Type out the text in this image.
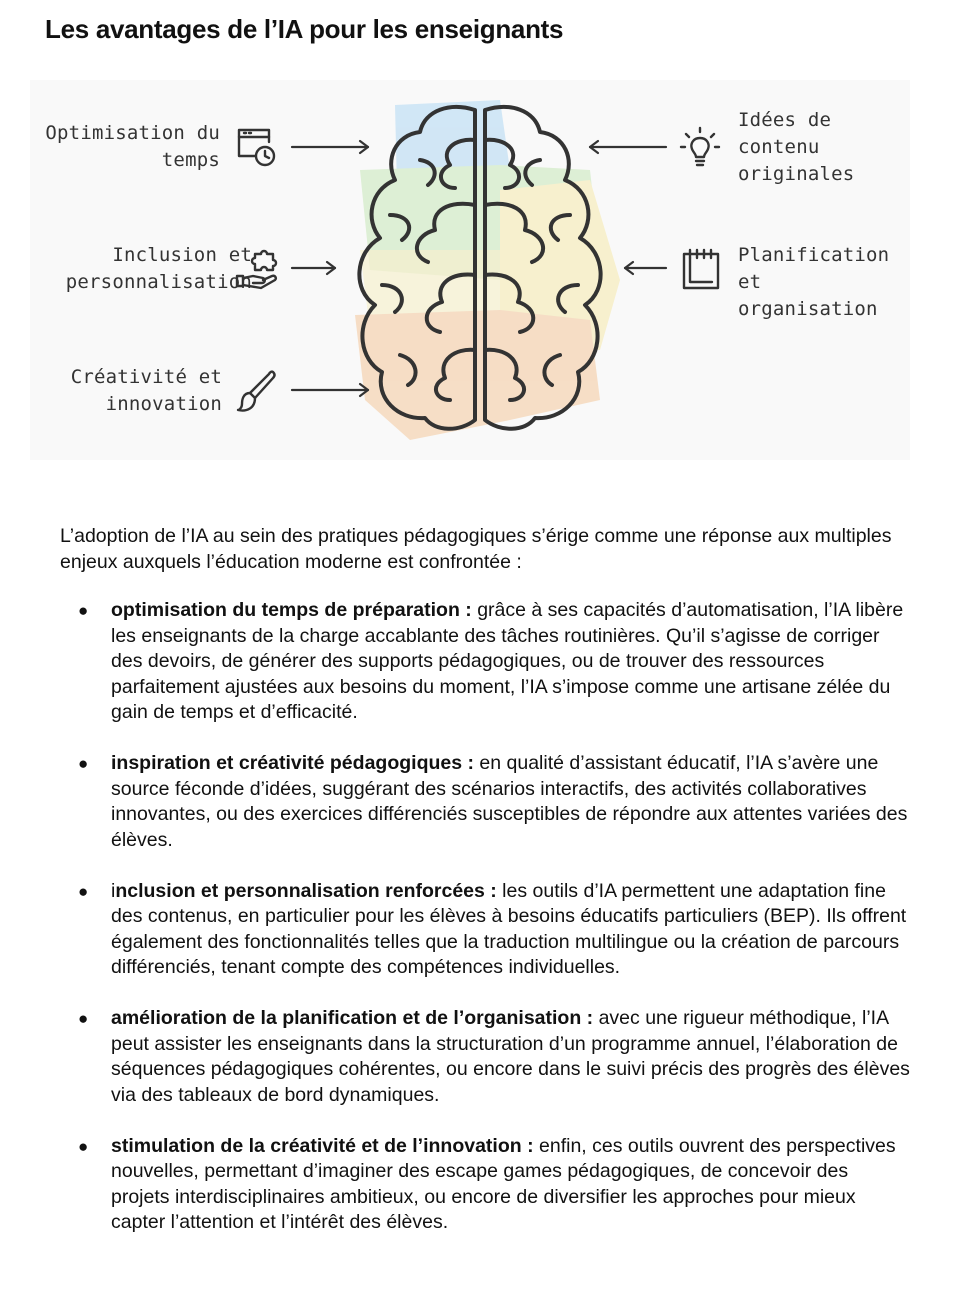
Les avantages de l’IA pour les enseignants
Optimisation du
temps
Inclusion et
personnalisation
Créativité et
innovation
Idées de
contenu
originales
Planification et
organisation

L’adoption de l’IA au sein des pratiques pédagogiques s’érige comme une réponse aux multiples enjeux auxquels l’éducation moderne est confrontée :

● optimisation du temps de préparation : grâce à ses capacités d’automatisation, l’IA libère les enseignants de la charge accablante des tâches routinières. Qu’il s’agisse de corriger des devoirs, de générer des supports pédagogiques, ou de trouver des ressources parfaitement ajustées aux besoins du moment, l’IA s’impose comme une artisane zélée du gain de temps et d’efficacité.
● inspiration et créativité pédagogiques : en qualité d’assistant éducatif, l’IA s’avère une source féconde d’idées, suggérant des scénarios interactifs, des activités collaboratives innovantes, ou des exercices différenciés susceptibles de répondre aux attentes variées des élèves.
● inclusion et personnalisation renforcées : les outils d’IA permettent une adaptation fine des contenus, en particulier pour les élèves à besoins éducatifs particuliers (BEP). Ils offrent également des fonctionnalités telles que la traduction multilingue ou la création de parcours différenciés, tenant compte des compétences individuelles.
● amélioration de la planification et de l’organisation : avec une rigueur méthodique, l’IA peut assister les enseignants dans la structuration d’un programme annuel, l’élaboration de séquences pédagogiques cohérentes, ou encore dans le suivi précis des progrès des élèves via des tableaux de bord dynamiques.
● stimulation de la créativité et de l’innovation : enfin, ces outils ouvrent des perspectives nouvelles, permettant d’imaginer des escape games pédagogiques, de concevoir des projets interdisciplinaires ambitieux, ou encore de diversifier les approches pour mieux capter l’attention et l’intérêt des élèves.
